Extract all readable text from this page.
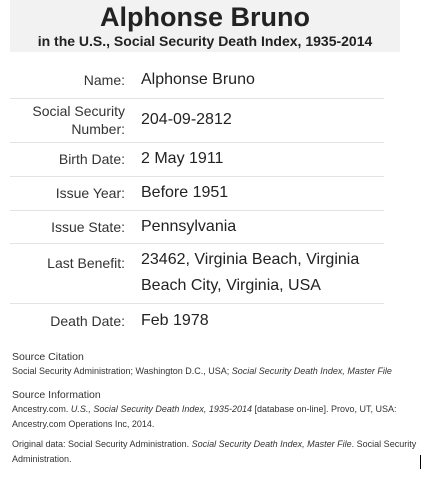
Alphonse Bruno
in the U.S., Social Security Death Index, 1935-2014
Name:	Alphonse Bruno
Social Security Number:	204-09-2812
Birth Date:	2 May 1911
Issue Year:	Before 1951
Issue State:	Pennsylvania
Last Benefit:	23462, Virginia Beach, Virginia Beach City, Virginia, USA
Death Date:	Feb 1978
Source Citation
Social Security Administration; Washington D.C., USA; Social Security Death Index, Master File
Source Information
Ancestry.com. U.S., Social Security Death Index, 1935-2014 [database on-line]. Provo, UT, USA: Ancestry.com Operations Inc, 2014.
Original data: Social Security Administration. Social Security Death Index, Master File. Social Security Administration.
